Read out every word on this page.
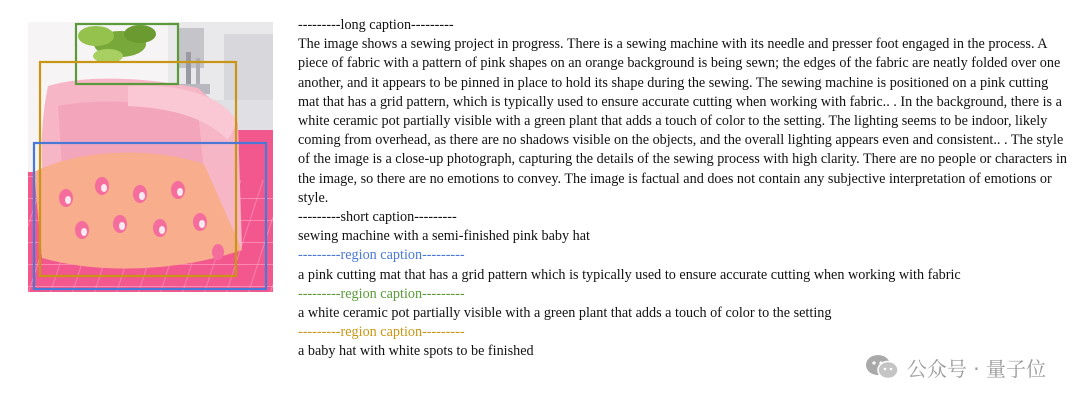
---------long caption---------
The image shows a sewing project in progress. There is a sewing machine with its needle and presser foot engaged in the process. A piece of fabric with a pattern of pink shapes on an orange background is being sewn; the edges of the fabric are neatly folded over one another, and it appears to be pinned in place to hold its shape during the sewing. The sewing machine is positioned on a pink cutting mat that has a grid pattern, which is typically used to ensure accurate cutting when working with fabric.. . In the background, there is a white ceramic pot partially visible with a green plant that adds a touch of color to the setting. The lighting seems to be indoor, likely coming from overhead, as there are no shadows visible on the objects, and the overall lighting appears even and consistent.. . The style of the image is a close-up photograph, capturing the details of the sewing process with high clarity. There are no people or characters in the image, so there are no emotions to convey. The image is factual and does not contain any subjective interpretation of emotions or style.
---------short caption---------
sewing machine with a semi-finished pink baby hat
---------region caption---------
a pink cutting mat that has a grid pattern which is typically used to ensure accurate cutting when working with fabric
---------region caption---------
a white ceramic pot partially visible with a green plant that adds a touch of color to the setting
---------region caption---------
a baby hat with white spots to be finished
公众号 · 量子位
